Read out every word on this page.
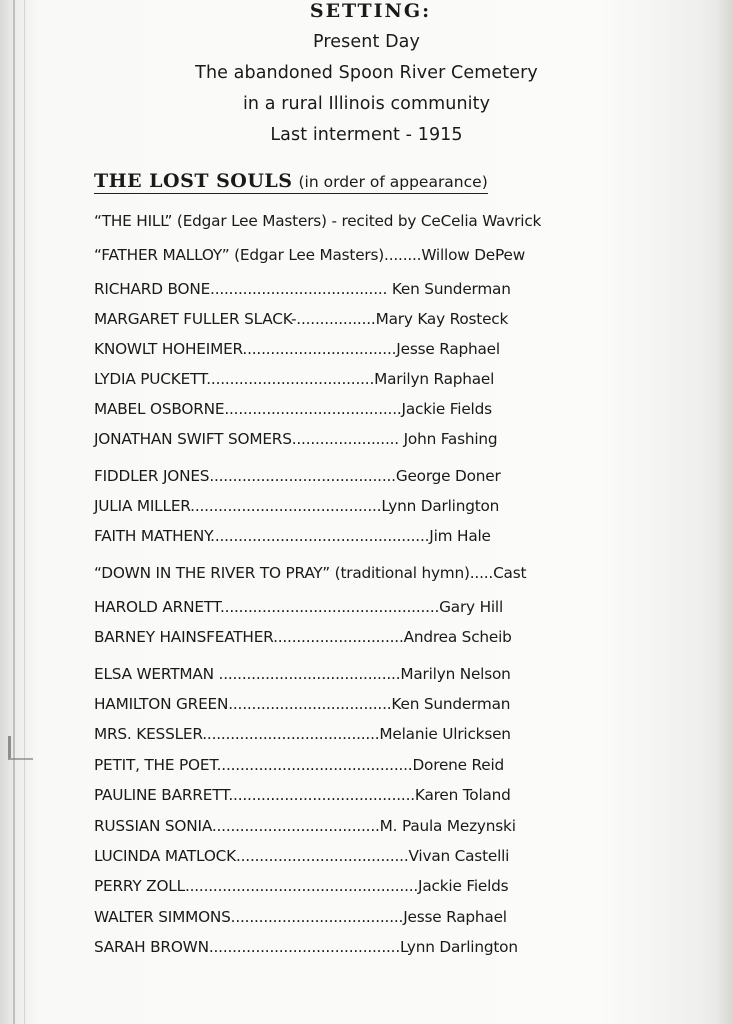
SETTING:
Present Day
The abandoned Spoon River Cemetery
in a rural Illinois community
Last interment - 1915
THE LOST SOULS (in order of appearance)
“THE HILL” (Edgar Lee Masters) - recited by CeCelia Wavrick
“FATHER MALLOY” (Edgar Lee Masters)........Willow DePew
RICHARD BONE...................................... Ken Sunderman
MARGARET FULLER SLACK-.................Mary Kay Rosteck
KNOWLT HOHEIMER.................................Jesse Raphael
LYDIA PUCKETT....................................Marilyn Raphael
MABEL OSBORNE......................................Jackie Fields
JONATHAN SWIFT SOMERS....................... John Fashing
FIDDLER JONES........................................George Doner
JULIA MILLER.........................................Lynn Darlington
FAITH MATHENY...............................................Jim Hale
“DOWN IN THE RIVER TO PRAY” (traditional hymn).....Cast
HAROLD ARNETT...............................................Gary Hill
BARNEY HAINSFEATHER............................Andrea Scheib
ELSA WERTMAN .......................................Marilyn Nelson
HAMILTON GREEN...................................Ken Sunderman
MRS. KESSLER......................................Melanie Ulricksen
PETIT, THE POET..........................................Dorene Reid
PAULINE BARRETT........................................Karen Toland
RUSSIAN SONIA....................................M. Paula Mezynski
LUCINDA MATLOCK.....................................Vivan Castelli
PERRY ZOLL..................................................Jackie Fields
WALTER SIMMONS.....................................Jesse Raphael
SARAH BROWN.........................................Lynn Darlington
